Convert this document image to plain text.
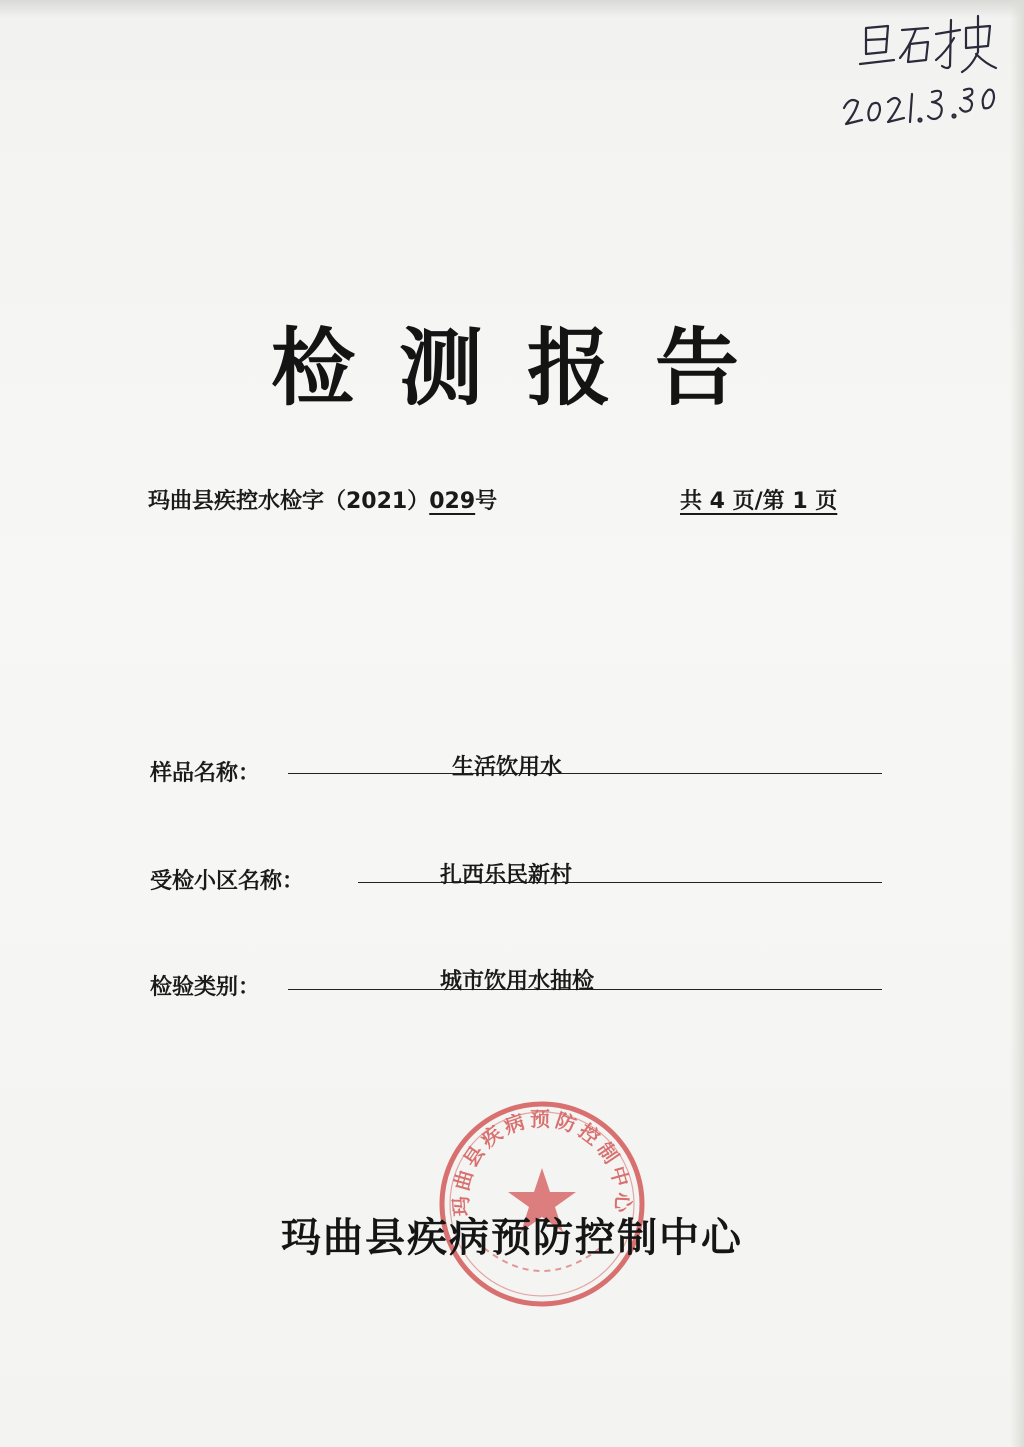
检测报告
玛曲县疾控水检字（2021）029号	共 4 页/第 1 页
样品名称：	生活饮用水
受检小区名称：	扎西乐民新村
检验类别：	城市饮用水抽检
玛曲县疾病预防控制中心
玛曲县疾病预防控制中心
